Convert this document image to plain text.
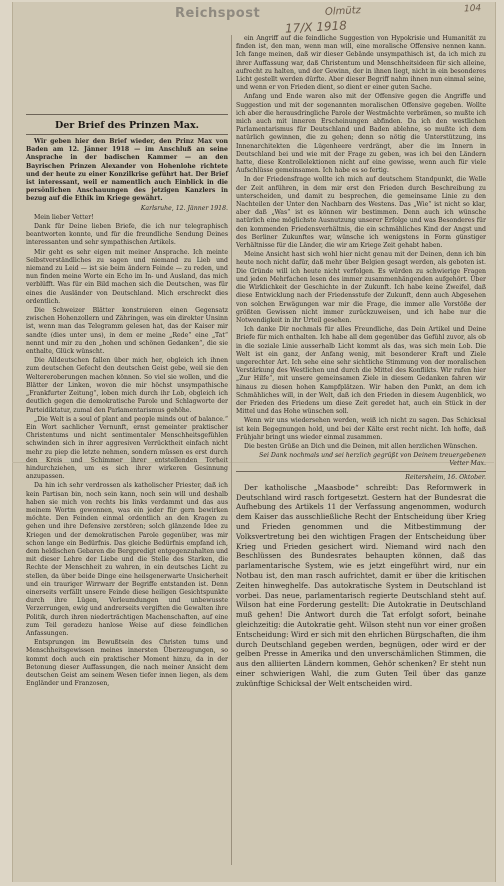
Reichspost
17/X 1918
Olmütz	104
Der Brief des Prinzen Max.

Wir geben hier den Brief wieder, den Prinz Max von Baden am 12. Jänner 1918 — im Anschluß an seine Ansprache in der badischen Kammer — an den Bayrischen Prinzen Alexander von Hohenlohe richtete und der heute zu einer Konzilkrise geführt hat. Der Brief ist interessant, weil er namentlich auch Einblick in die persönlichen Anschauungen des jetzigen Kanzlers in bezug auf die Ethik im Kriege gewährt.

Karlsruhe, 12. Jänner 1918.

Mein lieber Vetter!

Dank für Deine lieben Briefe, die ich nur telegraphisch beantworten konnte, und für die freundliche Sendung Deines interessanten und sehr sympathischen Artikels.

Mir geht es sehr eigen mit meiner Ansprache. Ich meinte Selbstverständliches zu sagen und niemand zu Lieb und niemand zu Leid — ist sie beim ändern Feinde — zu reden, und nun finden meine Worte ein Echo im In- und Ausland, das mich verblüfft. Was für ein Bild machen sich die Deutschen, was für eines die Ausländer von Deutschland. Mich erschreckt dies ordentlich.

Die Schweizer Blätter konstruieren einen Gegensatz zwischen Hohenzollern und Zähringen, was ein direkter Unsinn ist, wenn man das Telegramm gelesen hat, das der Kaiser mir sandte (dies unter uns), in dem er meine „Rede“ eine „Tat“ nennt und mir zu den „hohen und schönen Gedanken“, die sie enthalte, Glück wünscht.

Die Alldeutschen fallen über mich her, obgleich ich ihnen zum deutschen Gefecht den deutschen Geist gebe, weil sie den Weltereroberungen machen können. So viel sie wollen, und die Blätter der Linken, wovon die mir höchst unsympathische „Frankfurter Zeitung“, loben mich durch ihr Lob, obgleich ich deutlich gegen die demokratische Parole und Schlagworte der Parteidiktatur, zumal den Parlamentarismus gehöhe.

„Die Welt is a soul of plant and people minds out of balance.“ Ein Wort sachlicher Vernunft, ernst gemeinter praktischer Christentums und nicht sentimentaler Menschheitsgefühlen schwinden sich in ihrer aggresiven Verrücktheit einfach nicht mehr zu piep die letzte nehmen, sondern müssen es erst durch den Kreis und Schimmer ihrer entstellenden Torheit hindurchziehen, um es sich ihrer wirkeren Gesinnung anzupassen.

Da hin ich sehr verdrossen als katholischer Priester, daß ich kein Partisan bin, noch sein kann, noch sein will und deshalb haben sie mich von rechts bis links verdammt und das aus meinem Wortm gewonnen, was ein jeder für gern bewirken möchte. Den Feinden einmal ordentlich an den Kragen zu gehen und ihre Defensive zerstören; solch glänzende Idee zu Kriegen und der demokratischen Parole gegenüber, was mir schon lange ein Bedürfnis. Das gleiche Bedürfnis empfand ich, dem heldischen Gebaren die Bergpredigt entgegenzuhalten und mit dieser Lehre der Liebe und die Stelle des Starken, die Rechte der Menschheit zu wahren, in ein deutsches Licht zu stellen, da über beide Dinge eine heilsgenerwarte Unsicherheit und ein trauriger Wirrwarr der Begriffe entstanden ist. Denn einerseits verfällt unsere Feinde diese heiligen Gesichtspunkte durch ihre Lügen, Verleumdungen und unbewusste Verzerrungen, ewig und andrerseits vergiften die Gewalten ihre Politik, durch ihren niederträchtigen Machenschaften, auf eine zum Teil geradezu hanlose Weise auf diese feindlichen Anfassungen.

Entsprungen im Bewußtsein des Christen tums und Menschheitsgewissen meines innersten Überzeugungen, so kommt doch auch ein praktischer Moment hinzu, da in der Betonung dieser Auffassungen, die nach meiner Ansicht dem deutschen Geist am seinem Wesen tiefer innen liegen, als dem Engländer und Franzosen,

ein Angriff auf die feindliche Suggestion von Hypokrisie und Humanität zu finden ist, den man, wenn man will, eine moralische Offensive nennen kann. Ich fange meinen, daß wir dieser Gebände unsympathisch ist, da ich mich zu ihrer Auffassung war, daß Christentum und Menschheitsideen für sich alleine, aufrecht zu halten, und der Gewinn, der in ihnen liegt, nicht in ein besonderes Licht gestellt werden dürfte. Aber dieser Begriff nahm ihnen nun einmal seine, und wenn er von Frieden dient, so dient er einer guten Sache.

Anfang und Ende waren also mit der Offensive gegen die Angriffe und Suggestion und mit der sogenannten moralischen Offensive gegeben. Wollte ich aber die herausdringliche Parole der Westmächte verbrämen, so mußte ich mich auch mit inneren Erscheinungen abfinden. Da ich den westlichen Parlamentarismus für Deutschland und Baden ablehne, so mußte ich dem natürlich gewinnen, die zu gehen; denn so nötig die Unterstützung, ins Innenarchitekten die Lügenheere verdrängt, aber die im Innern in Deutschland bei und wie mit der Frage zu geben, was ich bei den Ländern hatte, diese Kontrollelektionen nicht auf eine gewisse, wenn auch für viele Aufschlüsse gemeinsamen. Ich habe es so fertig.

In der Friedensfrage wollte ich mich auf deutschem Standpunkt, die Welle der Zeit anführen, in dem mir erst den Frieden durch Beschreibung zu unterscheiden, und damit zu besprechen, die gemeinsame Linie zu den Nachteilen der Unter den Nachbarn des Westens. Das „Wie“ ist nicht so klar, aber daß „Was“ ist es können wir bestimmen. Denn auch ich wünsche natürlich eine möglichste Ausnutzung unserer Erfolge und was Besonderes für den kommenden Friedensverhältnis, die ein schmähliches Kind der Angst und des Berliner Zukunftes war, wünsche ich wenigstens in Form günstiger Verhältnisse für die Länder, die wir am Kriege Zeit gehabt haben.

Meine Ansicht hast sich wohl hier nicht genau mit der Deinen, denn ich bin heute noch nicht dafür, daß mehr über Belgien gesagt werden, als geboten ist. Die Gründe will ich heute nicht verfolgen. Es würden zu schwierige Fragen und jeden Mehrfachen lesen des immer zusammenhängenden aufgehört. Über die Wirklichkeit der Geschichte in der Zukunft. Ich habe keine Zweifel, daß diese Entwicklung nach der Friedensstufe der Zukunft, denn auch Abgesehen von solchen Erwägungen war mir die Frage, die immer alle Vorstöße der größten Gewissen nicht immer zurückzuweisen, und ich habe nur die Notwendigkeit in ihr Urteil gesehen.

Ich danke Dir nochmals für alles Freundliche, das Dein Artikel und Deine Briefe für mich enthalten. Ich habe all dem gegenüber das Gefühl zuvor, als ob in die soziale Linie ausserhalb Licht kommt als das, was sich mein Lob. Die Welt ist ein ganz, der Anfang wenig, mit besonderer Kraft und Ziele ungerechter Art. Ich sehe eine sehr sichtliche Stimmung von der moralischen Verstärkung des Westlichen und durch die Mittel des Konflikts. Wir rufen hier „Zur Hilfe“, mit unsere gemeinsamen Ziele in diesem Gedanken fahren wir hinaus zu diesen hohen Kampfplätzen. Wir haben den Punkt, an dem ich Schmähliches will, in der Welt, daß ich den Frieden in diesem Augenblick, wo der Frieden des Friedens um diese Zeit geredet hat, auch ein Stück in der Mittel und das Hohe wünschen soll.

Wenn wir uns wiedersehen werden, weiß ich nicht zu sagen. Das Schicksal ist kein Begegnungen hold, und bei der Kälte erst recht nicht. Ich hoffe, daß Frühjahr bringt uns wieder einmal zusammen.

Die besten Grüße an Dich und die Deinen, mit allen herzlichen Wünschen.

Sei Dank nochmals und sei herzlich gegrüßt von Deinem treuergebenen Vetter Max.

Reitersheim, 16. Oktober.

Der katholische „Maasbode“ schreibt: Das Reformwerk in Deutschland wird rasch fortgesetzt. Gestern hat der Bundesrat die Aufhebung des Artikels 11 der Verfassung angenommen, wodurch dem Kaiser das ausschließliche Recht der Entscheidung über Krieg und Frieden genommen und die Mitbestimmung der Volksvertretung bei den wichtigen Fragen der Entscheidung über Krieg und Frieden gesichert wird. Niemand wird nach den Beschlüssen des Bundesrates behaupten können, daß das parlamentarische System, wie es jetzt eingeführt wird, nur ein Notbau ist, den man rasch aufrichtet, damit er über die kritischen Zeiten hinweghelfe. Das autokratische System in Deutschland ist vorbei. Das neue, parlamentarisch regierte Deutschland steht auf. Wilson hat eine Forderung gestellt: Die Autokratie in Deutschland muß gehen! Die Antwort durch die Tat erfolgt sofort, beinahe gleichzeitig: die Autokratie geht. Wilson steht nun vor einer großen Entscheidung: Wird er sich mit den ehrlichen Bürgschaften, die ihm durch Deutschland gegeben werden, begnügen, oder wird er der gelben Presse in Amerika und den unverschämlichen Stimmen, die aus den alliierten Ländern kommen, Gehör schenken? Er steht nun einer schwierigen Wahl, die zum Guten Teil über das ganze zukünftige Schicksal der Welt entscheiden wird.
